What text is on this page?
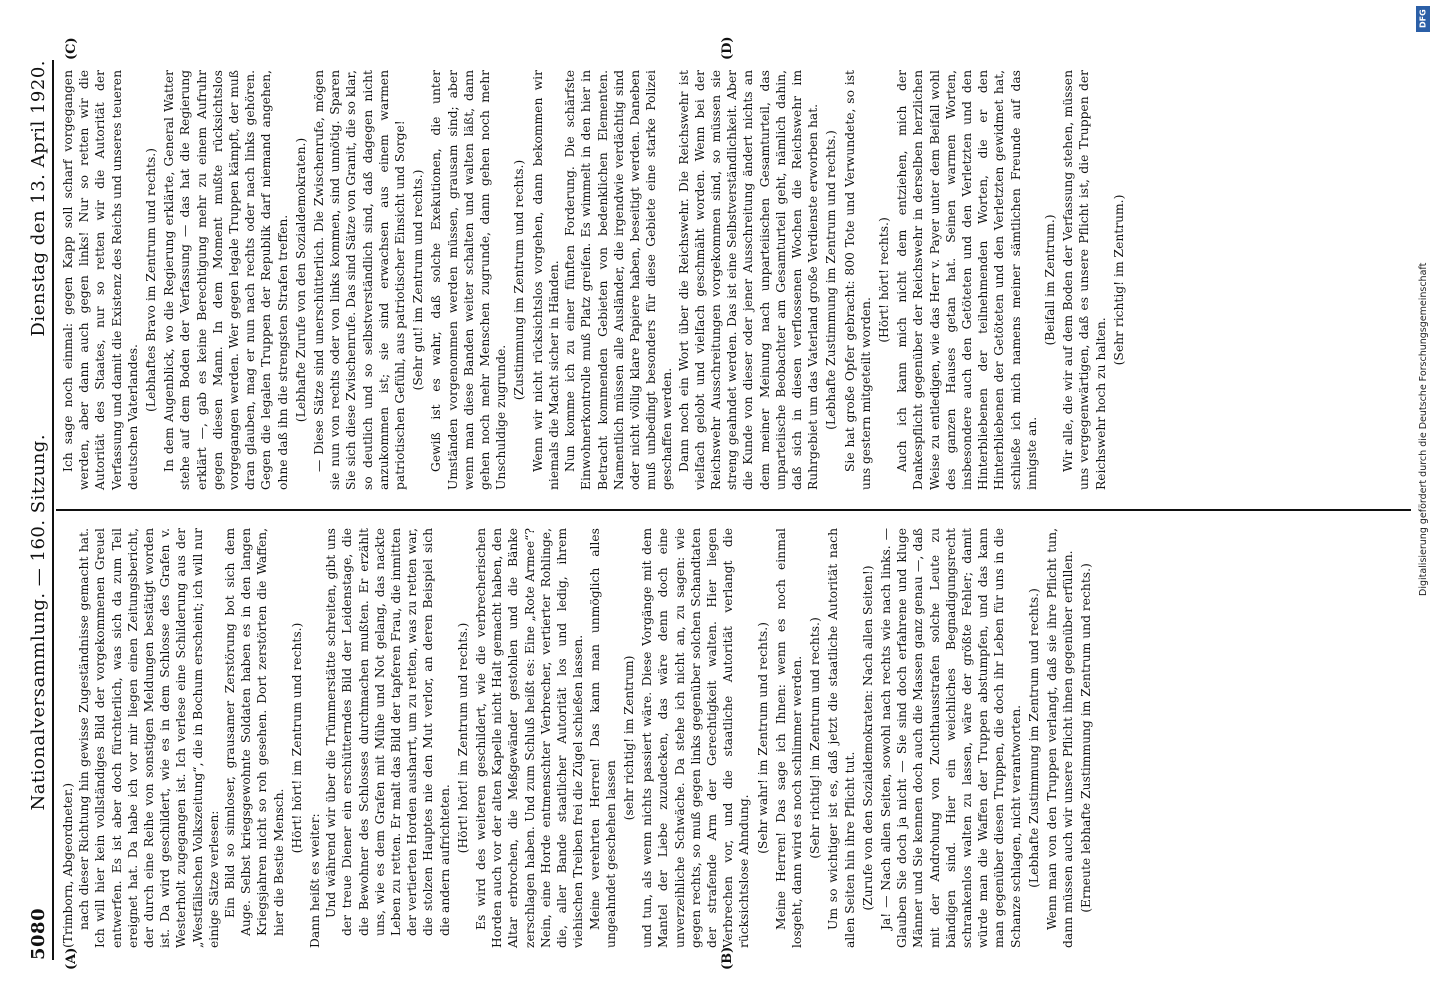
5080
Nationalversammlung. — 160. Sitzung.
Dienstag den 13. April 1920.
(A)	(B)
(C)	(D)

(Trimborn, Abgeordneter.) nach dieser Richtung hin gewisse Zugeständnisse gemacht hat. Ich will hier kein vollständiges Bild der vorgekommenen Greuel entwerfen. Es ist aber doch fürchterlich, was sich da zum Teil ereignet hat. Da habe ich vor mir liegen einen Zeitungsbericht, der durch eine Reihe von sonstigen Meldungen bestätigt worden ist. Da wird geschildert, wie es in dem Schlosse des Grafen v. Westerholt zugegangen ist. Ich verlese eine Schilderung aus der „Westfälischen Volkszeitung“, die in Bochum erscheint; ich will nur einige Sätze verlesen: Ein Bild so sinnloser, grausamer Zerstörung bot sich dem Auge. Selbst kriegsgewohnte Soldaten haben es in den langen Kriegsjahren nicht so roh gesehen. Dort zerstörten die Waffen, hier die Bestie Mensch.

(Hört! hört! im Zentrum und rechts.)

Dann heißt es weiter: Und während wir über die Trümmerstätte schreiten, gibt uns der treue Diener ein erschütterndes Bild der Leidenstage, die die Bewohner des Schlosses durchmachen mußten. Er erzählt uns, wie es dem Grafen mit Mühe und Not gelang, das nackte Leben zu retten. Er malt das Bild der tapferen Frau, die inmitten der vertierten Horden ausharrt, um zu retten, was zu retten war, die stolzen Hauptes nie den Mut verlor, an deren Beispiel sich die andern aufrichteten.

(Hört! hört! im Zentrum und rechts.) Es wird des weiteren geschildert, wie die verbrecherischen Horden auch vor der alten Kapelle nicht Halt gemacht haben, den Altar erbrochen, die Meßgewänder gestohlen und die Bänke zerschlagen haben. Und zum Schluß heißt es: Eine „Rote Armee“? Nein, eine Horde entmenschter Verbrecher, vertierter Rohlinge, die, aller Bande staatlicher Autorität los und ledig, ihrem viehischen Treiben frei die Zügel schießen lassen. Meine verehrten Herren! Das kann man unmöglich alles ungeahndet geschehen lassen

(sehr richtig! im Zentrum) und tun, als wenn nichts passiert wäre. Diese Vorgänge mit dem Mantel der Liebe zuzudecken, das wäre denn doch eine unverzeihliche Schwäche. Da stehe ich nicht an, zu sagen: wie gegen rechts, so muß gegen links gegenüber solchen Schandtaten der strafende Arm der Gerechtigkeit walten. Hier liegen Verbrechen vor, und die staatliche Autorität verlangt die rücksichtslose Ahndung.

(Sehr wahr! im Zentrum und rechts.) Meine Herren! Das sage ich Ihnen: wenn es noch einmal losgeht, dann wird es noch schlimmer werden. (Sehr richtig! im Zentrum und rechts.) Um so wichtiger ist es, daß jetzt die staatliche Autorität nach allen Seiten hin ihre Pflicht tut. (Zurufe von den Sozialdemokraten: Nach allen Seiten!) Ja! — Nach allen Seiten, sowohl nach rechts wie nach links. — Glauben Sie doch ja nicht — Sie sind doch erfahrene und kluge Männer und Sie kennen doch auch die Massen ganz genau —, daß mit der Androhung von Zuchthausstrafen solche Leute zu bändigen sind. Hier ein weichliches Begnadigungsrecht schrankenlos walten zu lassen, wäre der größte Fehler; damit würde man die Waffen der Truppen abstumpfen, und das kann man gegenüber diesen Truppen, die doch ihr Leben für uns in die Schanze schlagen, nicht verantworten. (Lebhafte Zustimmung im Zentrum und rechts.) Wenn man von den Truppen verlangt, daß sie ihre Pflicht tun, dann müssen auch wir unsere Pflicht ihnen gegenüber erfüllen. (Erneute lebhafte Zustimmung im Zentrum und rechts.)

Ich sage noch einmal: gegen Kapp soll scharf vorgegangen werden, aber dann auch gegen links! Nur so retten wir die Autorität des Staates, nur so retten wir die Autorität der Verfassung und damit die Existenz des Reichs und unseres teueren deutschen Vaterlandes.

(Lebhaftes Bravo im Zentrum und rechts.) In dem Augenblick, wo die Regierung erklärte, General Watter stehe auf dem Boden der Verfassung — das hat die Regierung erklärt —, gab es keine Berechtigung mehr zu einem Aufruhr gegen diesen Mann. In dem Moment mußte rücksichtslos vorgegangen werden. Wer gegen legale Truppen kämpft, der muß dran glauben, mag er nun nach rechts oder nach links gehören. Gegen die legalen Truppen der Republik darf niemand angehen, ohne daß ihn die strengsten Strafen treffen. (Lebhafte Zurufe von den Sozialdemokraten.) — Diese Sätze sind unerschütterlich. Die Zwischenrufe, mögen sie nun von rechts oder von links kommen, sind unnötig. Sparen Sie sich diese Zwischenrufe. Das sind Sätze von Granit, die so klar, so deutlich und so selbstverständlich sind, daß dagegen nicht anzukommen ist; sie sind erwachsen aus einem warmen patriotischen Gefühl, aus patriotischer Einsicht und Sorge! (Sehr gut! im Zentrum und rechts.) Gewiß ist es wahr, daß solche Exekutionen, die unter Umständen vorgenommen werden müssen, grausam sind; aber wenn man diese Banden weiter schalten und walten läßt, dann gehen noch mehr Menschen zugrunde, dann gehen noch mehr Unschuldige zugrunde.

(Zustimmung im Zentrum und rechts.) Wenn wir nicht rücksichtslos vorgehen, dann bekommen wir niemals die Macht sicher in Händen. Nun komme ich zu einer fünften Forderung. Die schärfste Einwohnerkontrolle muß Platz greifen. Es wimmelt in den hier in Betracht kommenden Gebieten von bedenklichen Elementen. Namentlich müssen alle Ausländer, die irgendwie verdächtig sind oder nicht völlig klare Papiere haben, beseitigt werden. Daneben muß unbedingt besonders für diese Gebiete eine starke Polizei geschaffen werden. Dann noch ein Wort über die Reichswehr. Die Reichswehr ist vielfach gelobt und vielfach geschmäht worden. Wenn bei der Reichswehr Ausschreitungen vorgekommen sind, so müssen sie streng geahndet werden. Das ist eine Selbstverständlichkeit. Aber die Kunde von dieser oder jener Ausschreitung ändert nichts an dem meiner Meinung nach unparteiischen Gesamturteil, das unparteiische Beobachter am Gesamturteil geht, nämlich dahin, daß sich in diesen verflossenen Wochen die Reichswehr im Ruhrgebiet um das Vaterland große Verdienste erworben hat. (Lebhafte Zustimmung im Zentrum und rechts.) Sie hat große Opfer gebracht: 800 Tote und Verwundete, so ist uns gestern mitgeteilt worden.

(Hört! hört! rechts.) Auch ich kann mich nicht dem entziehen, mich der Dankespflicht gegenüber der Reichswehr in derselben herzlichen Weise zu entledigen, wie das Herr v. Payer unter dem Beifall wohl des ganzen Hauses getan hat. Seinen warmen Worten, insbesondere auch den Getöteten und den Verletzten und den Hinterbliebenen der teilnehmenden Worten, die er den Hinterbliebenen der Getöteten und den Verletzten gewidmet hat, schließe ich mich namens meiner sämtlichen Freunde auf das innigste an.

(Beifall im Zentrum.) Wir alle, die wir auf dem Boden der Verfassung stehen, müssen uns vergegenwärtigen, daß es unsere Pflicht ist, die Truppen der Reichswehr hoch zu halten.

(Sehr richtig! im Zentrum.)

DFG
Digitalisierung gefördert durch die Deutsche Forschungsgemeinschaft
